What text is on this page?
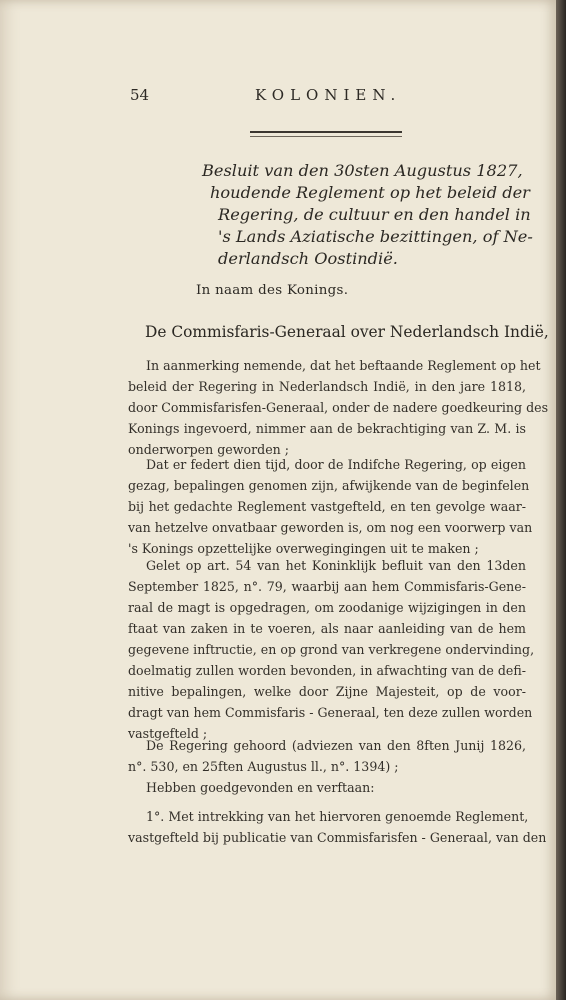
54	KOLONIEN.
Besluit van den 30sten Augustus 1827,
houdende Reglement op het beleid der
Regering, de cultuur en den handel in
's Lands Aziatische bezittingen, of Ne-
derlandsch Oostindië.
In naam des Konings.
De Commisfaris-Generaal over Nederlandsch Indië,
In aanmerking nemende, dat het beftaande Reglement op het
beleid der Regering in Nederlandsch Indië, in den jare 1818,
door Commisfarisfen-Generaal, onder de nadere goedkeuring des
Konings ingevoerd, nimmer aan de bekrachtiging van Z. M. is
onderworpen geworden ;
Dat er federt dien tijd, door de Indifche Regering, op eigen
gezag, bepalingen genomen zijn, afwijkende van de beginfelen
bij het gedachte Reglement vastgefteld, en ten gevolge waar-
van hetzelve onvatbaar geworden is, om nog een voorwerp van
's Konings opzettelijke overwegingingen uit te maken ;
Gelet op art. 54 van het Koninklijk befluit van den 13den
September 1825, n°. 79, waarbij aan hem Commisfaris-Gene-
raal de magt is opgedragen, om zoodanige wijzigingen in den
ftaat van zaken in te voeren, als naar aanleiding van de hem
gegevene inftructie, en op grond van verkregene ondervinding,
doelmatig zullen worden bevonden, in afwachting van de defi-
nitive bepalingen, welke door Zijne Majesteit, op de voor-
dragt van hem Commisfaris - Generaal, ten deze zullen worden
vastgefteld ;
De Regering gehoord (adviezen van den 8ften Junij 1826,
n°. 530, en 25ften Augustus ll., n°. 1394) ;
Hebben goedgevonden en verftaan:
1°. Met intrekking van het hiervoren genoemde Reglement,
vastgefteld bij publicatie van Commisfarisfen - Generaal, van den
